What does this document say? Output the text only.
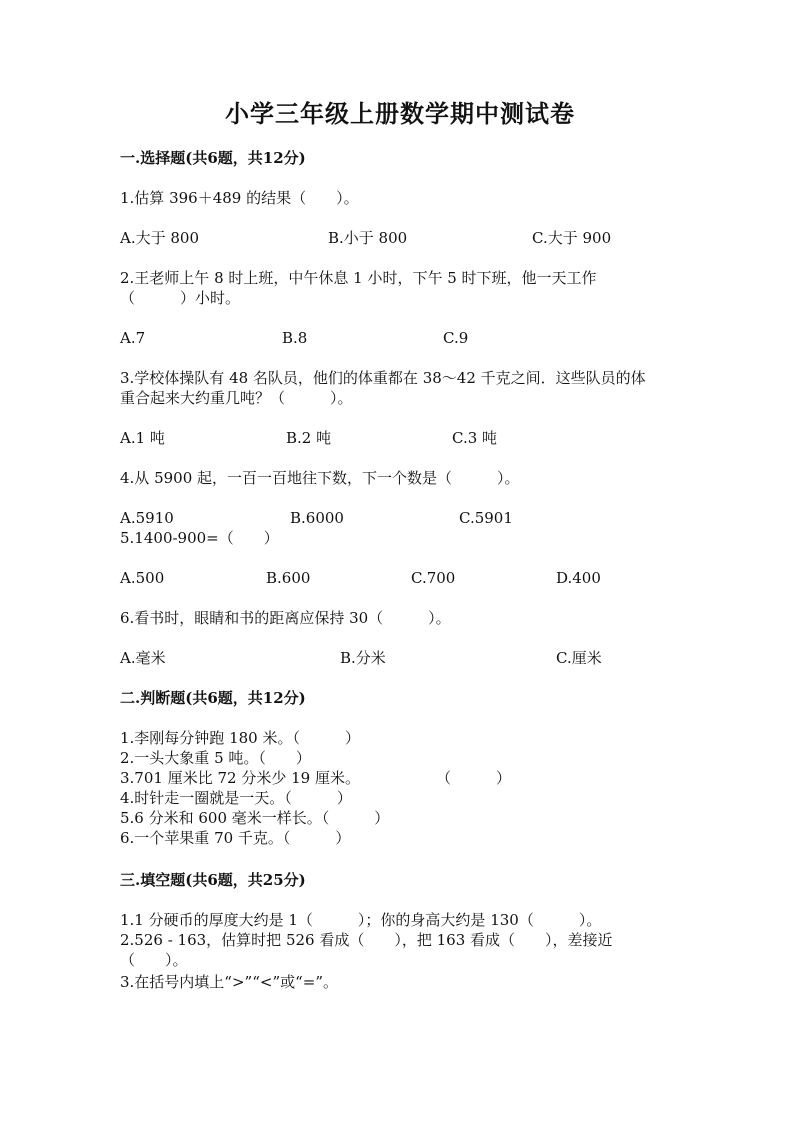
小学三年级上册数学期中测试卷
一.选择题(共6题，共12分)
1.估算 396＋489 的结果（　　）。
A.大于 800	B.小于 800	C.大于 900
2.王老师上午 8 时上班，中午休息 1 小时，下午 5 时下班，他一天工作
（　　　）小时。
A.7	B.8	C.9
3.学校体操队有 48 名队员，他们的体重都在 38～42 千克之间．这些队员的体
重合起来大约重几吨？（　　　）。
A.1 吨	B.2 吨	C.3 吨
4.从 5900 起，一百一百地往下数，下一个数是（　　　）。
A.5910	B.6000	C.5901
5.1400-900=（　　）
A.500	B.600	C.700	D.400
6.看书时，眼睛和书的距离应保持 30（　　　）。
A.毫米	B.分米	C.厘米
二.判断题(共6题，共12分)
1.李刚每分钟跑 180 米。（　　　）
2.一头大象重 5 吨。（　　）
3.701 厘米比 72 分米少 19 厘米。	（　　　）
4.时针走一圈就是一天。（　　　）
5.6 分米和 600 毫米一样长。（　　　）
6.一个苹果重 70 千克。（　　　）
三.填空题(共6题，共25分)
1.1 分硬币的厚度大约是 1（　　　）；你的身高大约是 130（　　　）。
2.526 - 163，估算时把 526 看成（　　），把 163 看成（　　），差接近
（　　）。
3.在括号内填上“>”“<”或“=”。
